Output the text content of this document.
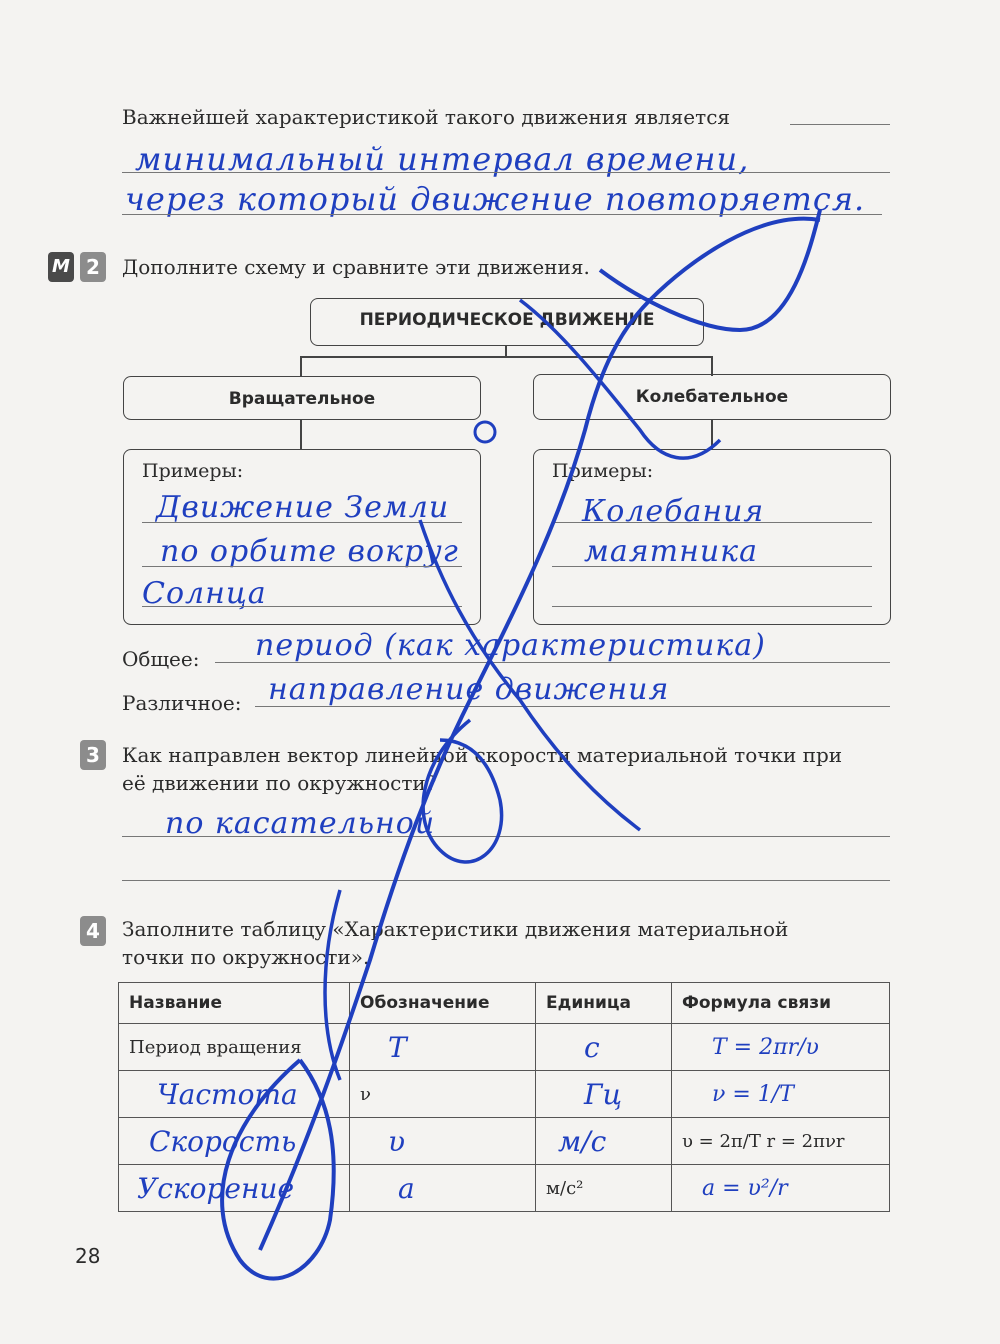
Важнейшей характеристикой такого движения является
минимальный интервал времени,
через который движение повторяется.
М 2	Дополните схему и сравните эти движения.
ПЕРИОДИЧЕСКОЕ ДВИЖЕНИЕ
Вращательное	Колебательное
Примеры:
Движение Земли
по орбите вокруг
Солнца
Примеры:
Колебания
маятника
Общее: период (как характеристика)
Различное: направление движения
3	Как направлен вектор линейной скорости материальной точки при
её движении по окружности?
по касательной
4	Заполните таблицу «Характеристики движения материальной
точки по окружности».
Название	Обозначение	Единица	Формула связи
Период вращения	T	с	T = 2πr/υ
Частота	ν	Гц	ν = 1/T
Скорость	υ	м/с	υ = 2π/T r = 2πνr
Ускорение	a	м/с²	a = υ²/r
28
